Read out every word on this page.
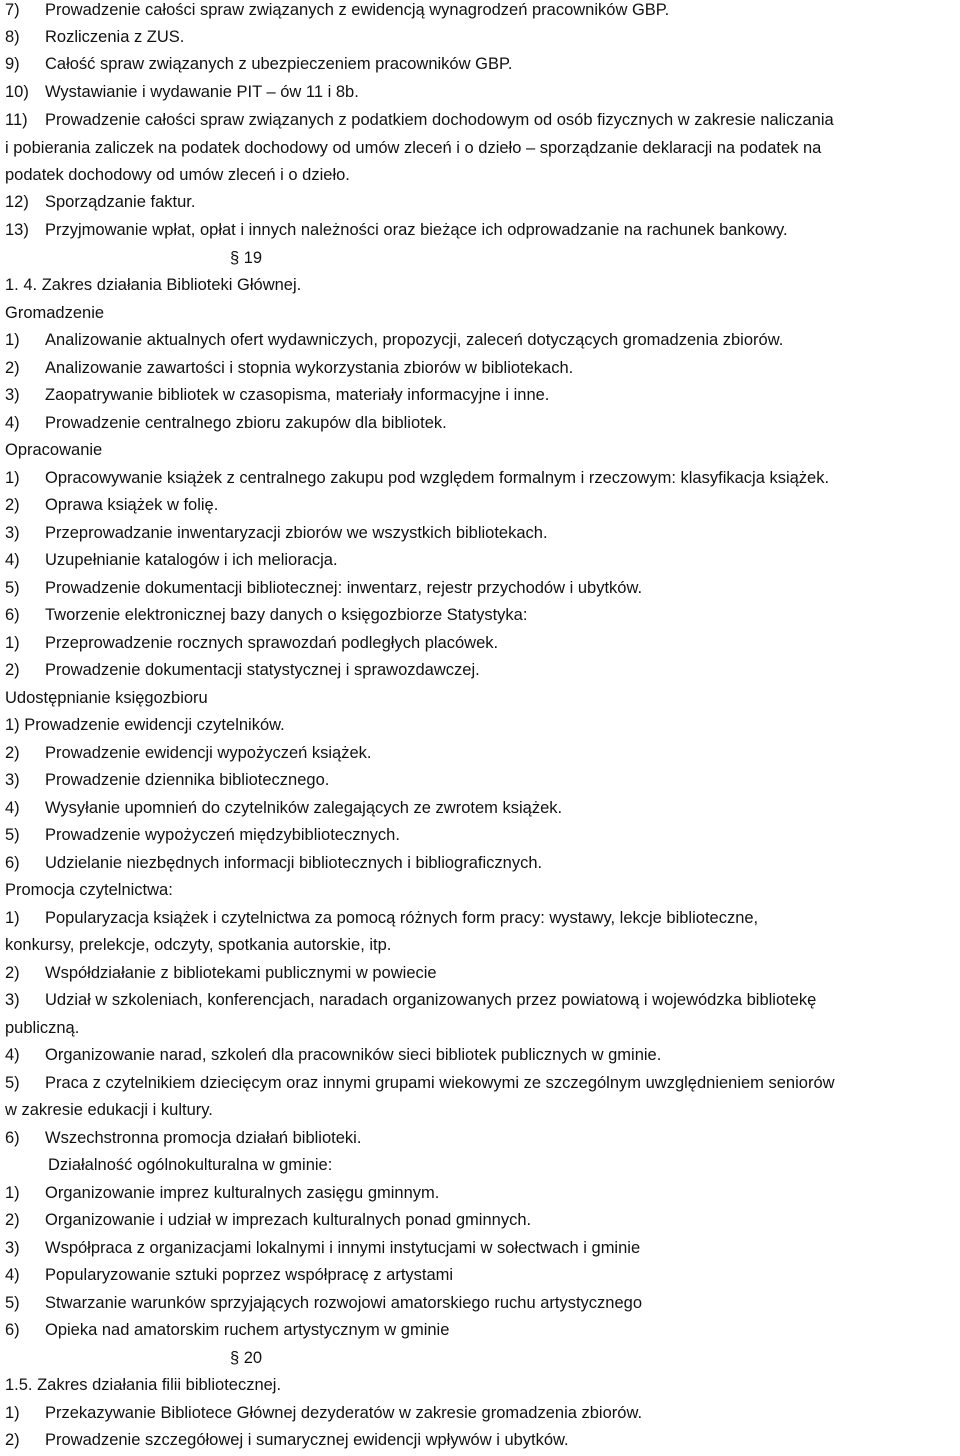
7) Prowadzenie całości spraw związanych z ewidencją wynagrodzeń pracowników GBP.
8) Rozliczenia z ZUS.
9) Całość spraw związanych z ubezpieczeniem pracowników GBP.
10) Wystawianie i wydawanie PIT – ów 11 i 8b.
11) Prowadzenie całości spraw związanych z podatkiem dochodowym od osób fizycznych w zakresie naliczania
i pobierania zaliczek na podatek dochodowy od umów zleceń i o dzieło – sporządzanie deklaracji na podatek na
podatek dochodowy od umów zleceń i o dzieło.
12) Sporządzanie faktur.
13) Przyjmowanie wpłat, opłat i innych należności oraz bieżące ich odprowadzanie na rachunek bankowy.
§ 19
1. 4. Zakres działania Biblioteki Głównej.
Gromadzenie
1) Analizowanie aktualnych ofert wydawniczych, propozycji, zaleceń dotyczących gromadzenia zbiorów.
2) Analizowanie zawartości i stopnia wykorzystania zbiorów w bibliotekach.
3) Zaopatrywanie bibliotek w czasopisma, materiały informacyjne i inne.
4) Prowadzenie centralnego zbioru zakupów dla bibliotek.
Opracowanie
1) Opracowywanie książek z centralnego zakupu pod względem formalnym i rzeczowym: klasyfikacja książek.
2) Oprawa książek w folię.
3) Przeprowadzanie inwentaryzacji zbiorów we wszystkich bibliotekach.
4) Uzupełnianie katalogów i ich melioracja.
5) Prowadzenie dokumentacji bibliotecznej: inwentarz, rejestr przychodów i ubytków.
6) Tworzenie elektronicznej bazy danych o księgozbiorze Statystyka:
1) Przeprowadzenie rocznych sprawozdań podległych placówek.
2) Prowadzenie dokumentacji statystycznej i sprawozdawczej.
Udostępnianie księgozbioru
1) Prowadzenie ewidencji czytelników.
2) Prowadzenie ewidencji wypożyczeń książek.
3) Prowadzenie dziennika bibliotecznego.
4) Wysyłanie upomnień do czytelników zalegających ze zwrotem książek.
5) Prowadzenie wypożyczeń międzybibliotecznych.
6) Udzielanie niezbędnych informacji bibliotecznych i bibliograficznych.
Promocja czytelnictwa:
1) Popularyzacja książek i czytelnictwa za pomocą różnych form pracy: wystawy, lekcje biblioteczne,
konkursy, prelekcje, odczyty, spotkania autorskie, itp.
2) Współdziałanie z bibliotekami publicznymi w powiecie
3) Udział w szkoleniach, konferencjach, naradach organizowanych przez powiatową i wojewódzka bibliotekę
publiczną.
4) Organizowanie narad, szkoleń dla pracowników sieci bibliotek publicznych w gminie.
5) Praca z czytelnikiem dziecięcym oraz innymi grupami wiekowymi ze szczególnym uwzględnieniem seniorów
w zakresie edukacji i kultury.
6) Wszechstronna promocja działań biblioteki.
Działalność ogólnokulturalna w gminie:
1) Organizowanie imprez kulturalnych zasięgu gminnym.
2) Organizowanie i udział w imprezach kulturalnych ponad gminnych.
3) Współpraca z organizacjami lokalnymi i innymi instytucjami w sołectwach i gminie
4) Popularyzowanie sztuki poprzez współpracę z artystami
5) Stwarzanie warunków sprzyjających rozwojowi amatorskiego ruchu artystycznego
6) Opieka nad amatorskim ruchem artystycznym w gminie
§ 20
1.5. Zakres działania filii bibliotecznej.
1) Przekazywanie Bibliotece Głównej dezyderatów w zakresie gromadzenia zbiorów.
2) Prowadzenie szczegółowej i sumarycznej ewidencji wpływów i ubytków.
